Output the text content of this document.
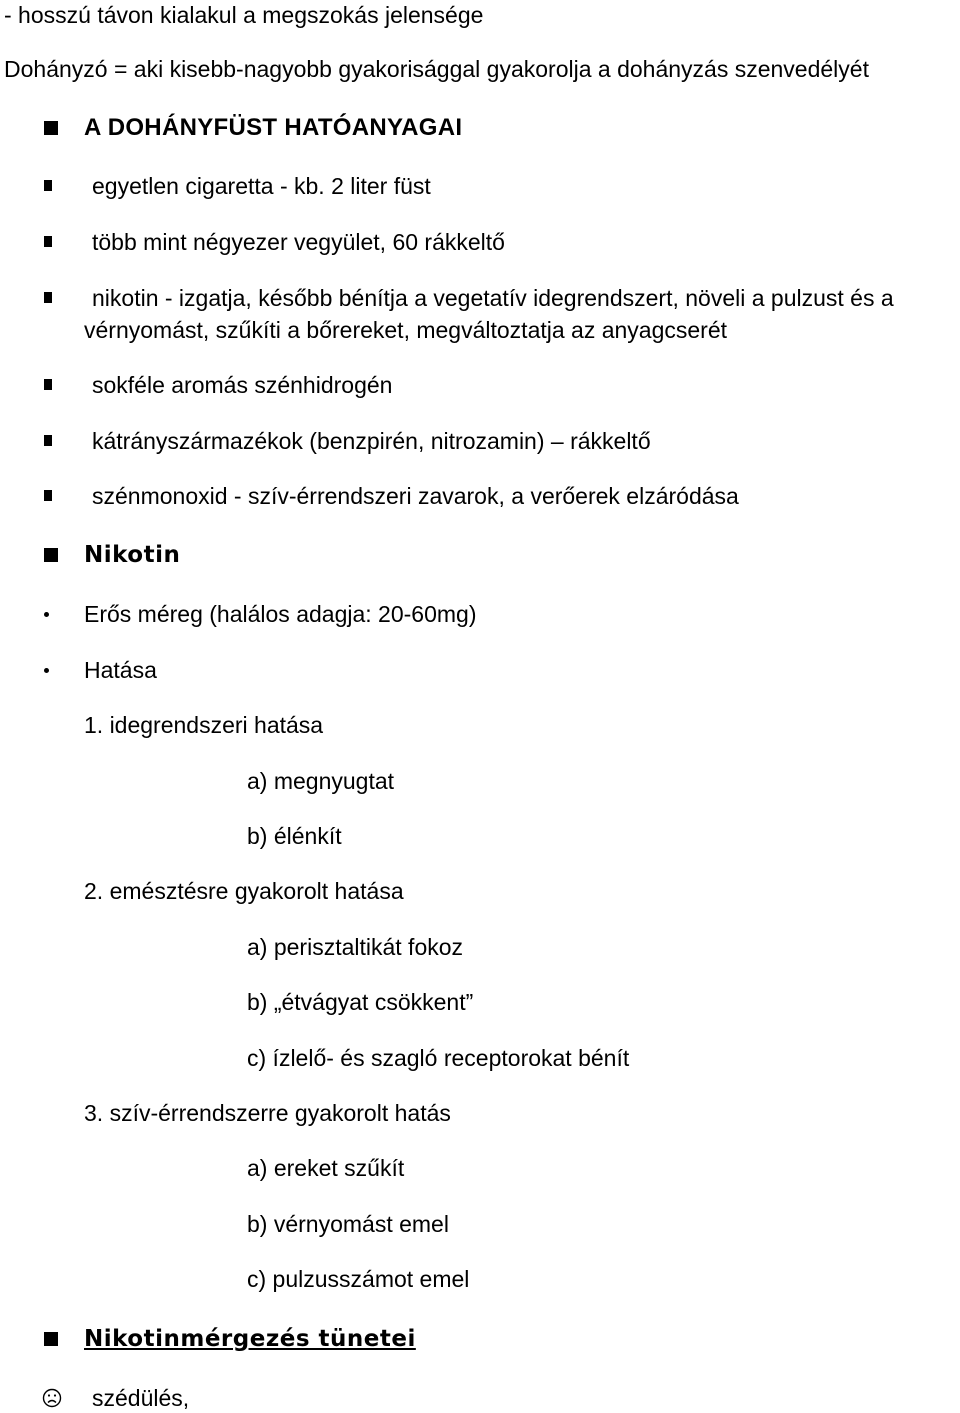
- hosszú távon kialakul a megszokás jelensége
Dohányzó = aki kisebb-nagyobb gyakorisággal gyakorolja a dohányzás szenvedélyét
A DOHÁNYFÜST HATÓANYAGAI
egyetlen cigaretta - kb. 2 liter füst
több mint négyezer vegyület, 60 rákkeltő
nikotin - izgatja, később bénítja a vegetatív idegrendszert, növeli a pulzust és a
vérnyomást, szűkíti a bőrereket, megváltoztatja az anyagcserét
sokféle aromás szénhidrogén
kátrányszármazékok (benzpirén, nitrozamin) – rákkeltő
szénmonoxid - szív-érrendszeri zavarok, a verőerek elzáródása
Nikotin
Erős méreg (halálos adagja: 20-60mg)
Hatása
1. idegrendszeri hatása
a) megnyugtat
b) élénkít
2. emésztésre gyakorolt hatása
a) perisztaltikát fokoz
b) „étvágyat csökkent”
c) ízlelő- és szagló receptorokat bénít
3. szív-érrendszerre gyakorolt hatás
a) ereket szűkít
b) vérnyomást emel
c) pulzusszámot emel
Nikotinmérgezés tünetei
szédülés,
